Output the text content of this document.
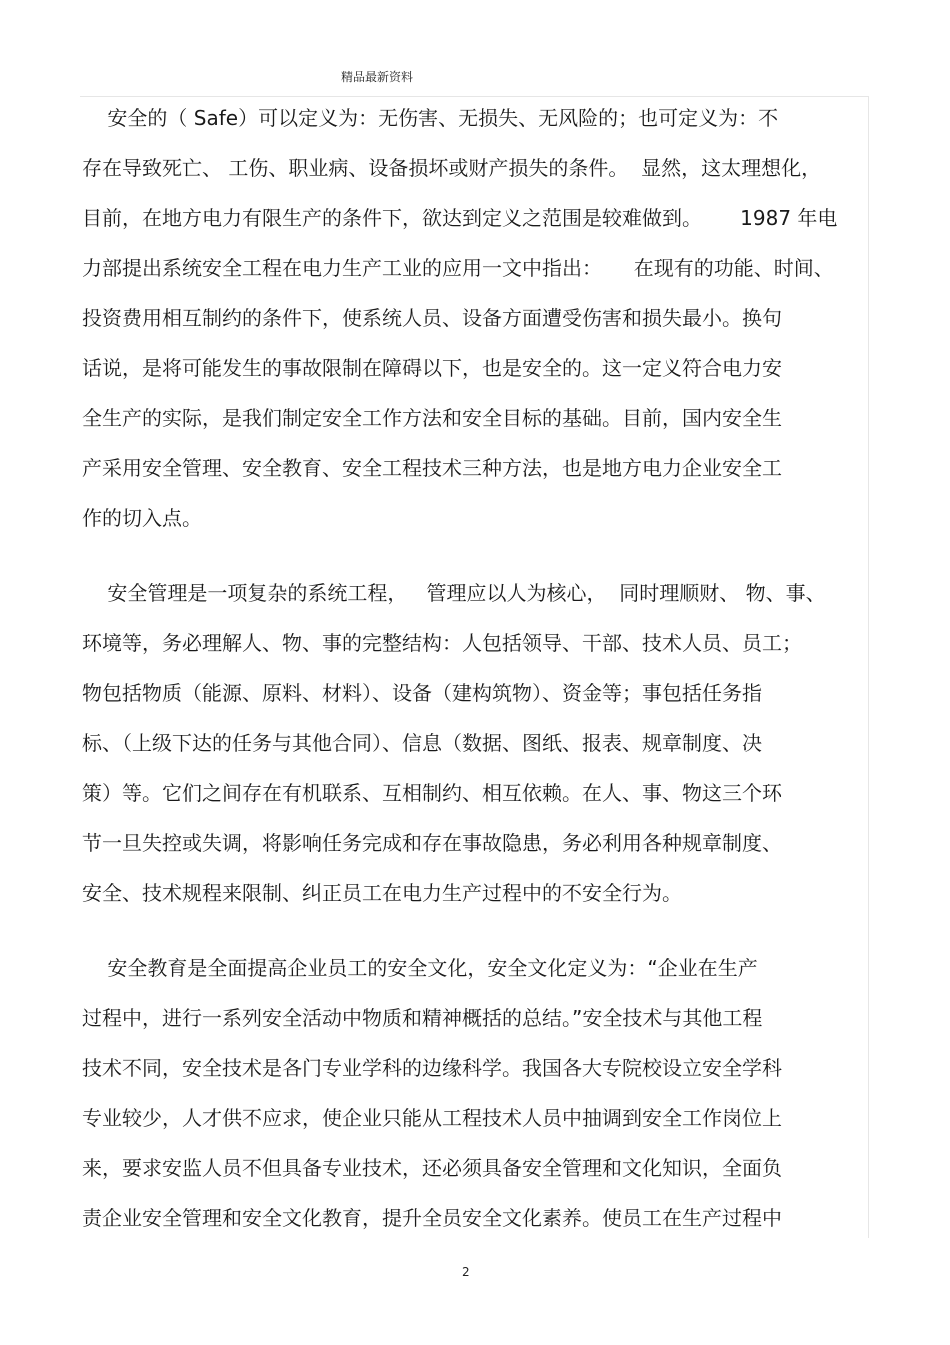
精品最新资料
安全的（ Safe）可以定义为：无伤害、无损失、无风险的；也可定义为：不
存在导致死亡、 工伤、职业病、设备损坏或财产损失的条件。  显然，这太理想化，
目前，在地方电力有限生产的条件下，欲达到定义之范围是较难做到。      1987 年电
力部提出系统安全工程在电力生产工业的应用一文中指出：     在现有的功能、时间、
投资费用相互制约的条件下，使系统人员、设备方面遭受伤害和损失最小。换句
话说，是将可能发生的事故限制在障碍以下，也是安全的。这一定义符合电力安
全生产的实际，是我们制定安全工作方法和安全目标的基础。目前，国内安全生
产采用安全管理、安全教育、安全工程技术三种方法，也是地方电力企业安全工
作的切入点。
安全管理是一项复杂的系统工程，   管理应以人为核心，  同时理顺财、 物、事、
环境等，务必理解人、物、事的完整结构：人包括领导、干部、技术人员、员工；
物包括物质（能源、原料、材料）、设备（建构筑物）、资金等；事包括任务指
标、（上级下达的任务与其他合同）、信息（数据、图纸、报表、规章制度、决
策）等。它们之间存在有机联系、互相制约、相互依赖。在人、事、物这三个环
节一旦失控或失调，将影响任务完成和存在事故隐患，务必利用各种规章制度、
安全、技术规程来限制、纠正员工在电力生产过程中的不安全行为。
安全教育是全面提高企业员工的安全文化，安全文化定义为：“企业在生产
过程中，进行一系列安全活动中物质和精神概括的总结。”安全技术与其他工程
技术不同，安全技术是各门专业学科的边缘科学。我国各大专院校设立安全学科
专业较少，人才供不应求，使企业只能从工程技术人员中抽调到安全工作岗位上
来，要求安监人员不但具备专业技术，还必须具备安全管理和文化知识，全面负
责企业安全管理和安全文化教育，提升全员安全文化素养。使员工在生产过程中
2
